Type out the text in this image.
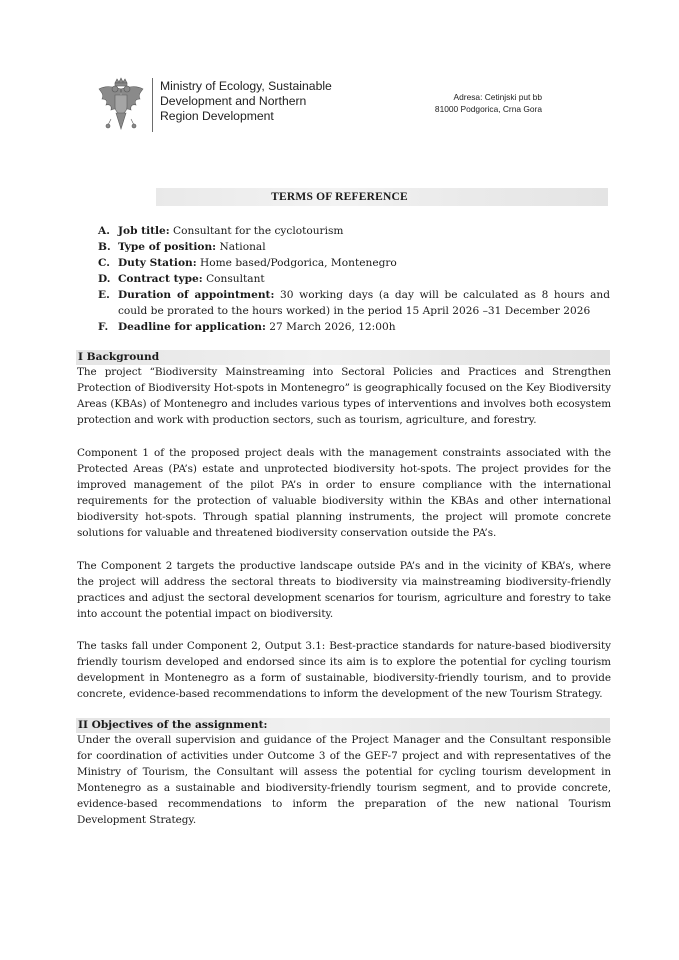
Ministry of Ecology, Sustainable
Development and Northern
Region Development
Adresa: Cetinjski put bb
81000 Podgorica, Crna Gora
TERMS OF REFERENCE
A. Job title: Consultant for the cyclotourism
B. Type of position: National
C. Duty Station: Home based/Podgorica, Montenegro
D. Contract type: Consultant
E. Duration of appointment: 30 working days (a day will be calculated as 8 hours and could be prorated to the hours worked) in the period 15 April 2026 –31 December 2026
F. Deadline for application: 27 March 2026, 12:00h
I Background

The project “Biodiversity Mainstreaming into Sectoral Policies and Practices and Strengthen Protection of Biodiversity Hot-spots in Montenegro” is geographically focused on the Key Biodiversity Areas (KBAs) of Montenegro and includes various types of interventions and involves both ecosystem protection and work with production sectors, such as tourism, agriculture, and forestry.

Component 1 of the proposed project deals with the management constraints associated with the Protected Areas (PA’s) estate and unprotected biodiversity hot-spots. The project provides for the improved management of the pilot PA’s in order to ensure compliance with the international requirements for the protection of valuable biodiversity within the KBAs and other international biodiversity hot-spots. Through spatial planning instruments, the project will promote concrete solutions for valuable and threatened biodiversity conservation outside the PA’s.

The Component 2 targets the productive landscape outside PA’s and in the vicinity of KBA’s, where the project will address the sectoral threats to biodiversity via mainstreaming biodiversity-friendly practices and adjust the sectoral development scenarios for tourism, agriculture and forestry to take into account the potential impact on biodiversity.

The tasks fall under Component 2, Output 3.1: Best-practice standards for nature-based biodiversity friendly tourism developed and endorsed since its aim is to explore the potential for cycling tourism development in Montenegro as a form of sustainable, biodiversity-friendly tourism, and to provide concrete, evidence-based recommendations to inform the development of the new Tourism Strategy.

II Objectives of the assignment:

Under the overall supervision and guidance of the Project Manager and the Consultant responsible for coordination of activities under Outcome 3 of the GEF-7 project and with representatives of the Ministry of Tourism, the Consultant will assess the potential for cycling tourism development in Montenegro as a sustainable and biodiversity-friendly tourism segment, and to provide concrete, evidence-based recommendations to inform the preparation of the new national Tourism Development Strategy.
